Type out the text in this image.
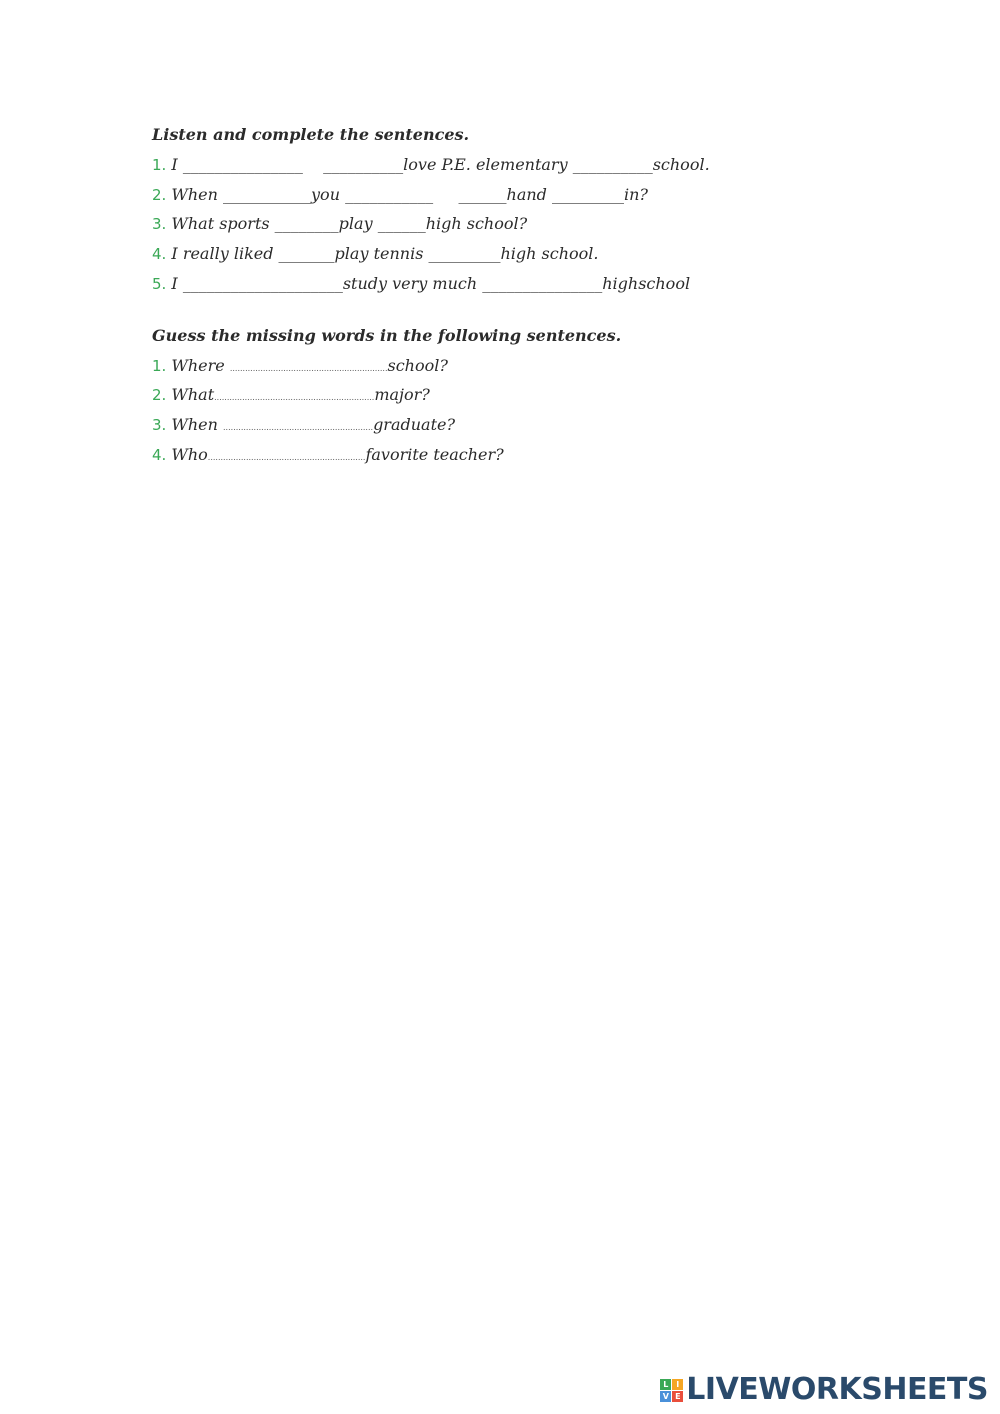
Listen and complete the sentences.
1. I _______________    __________love P.E. elementary __________school.
2. When ___________you ___________     ______hand _________in?
3. What sports ________play ______high school?
4. I really liked _______play tennis _________high school.
5. I ____________________study very much _______________highschool
Guess the missing words in the following sentences.
1. Where ..............................................................school?
2. What...............................................................major?
3. When ...........................................................graduate?
4. Who..............................................................favorite teacher?
L I
V E LIVEWORKSHEETS
